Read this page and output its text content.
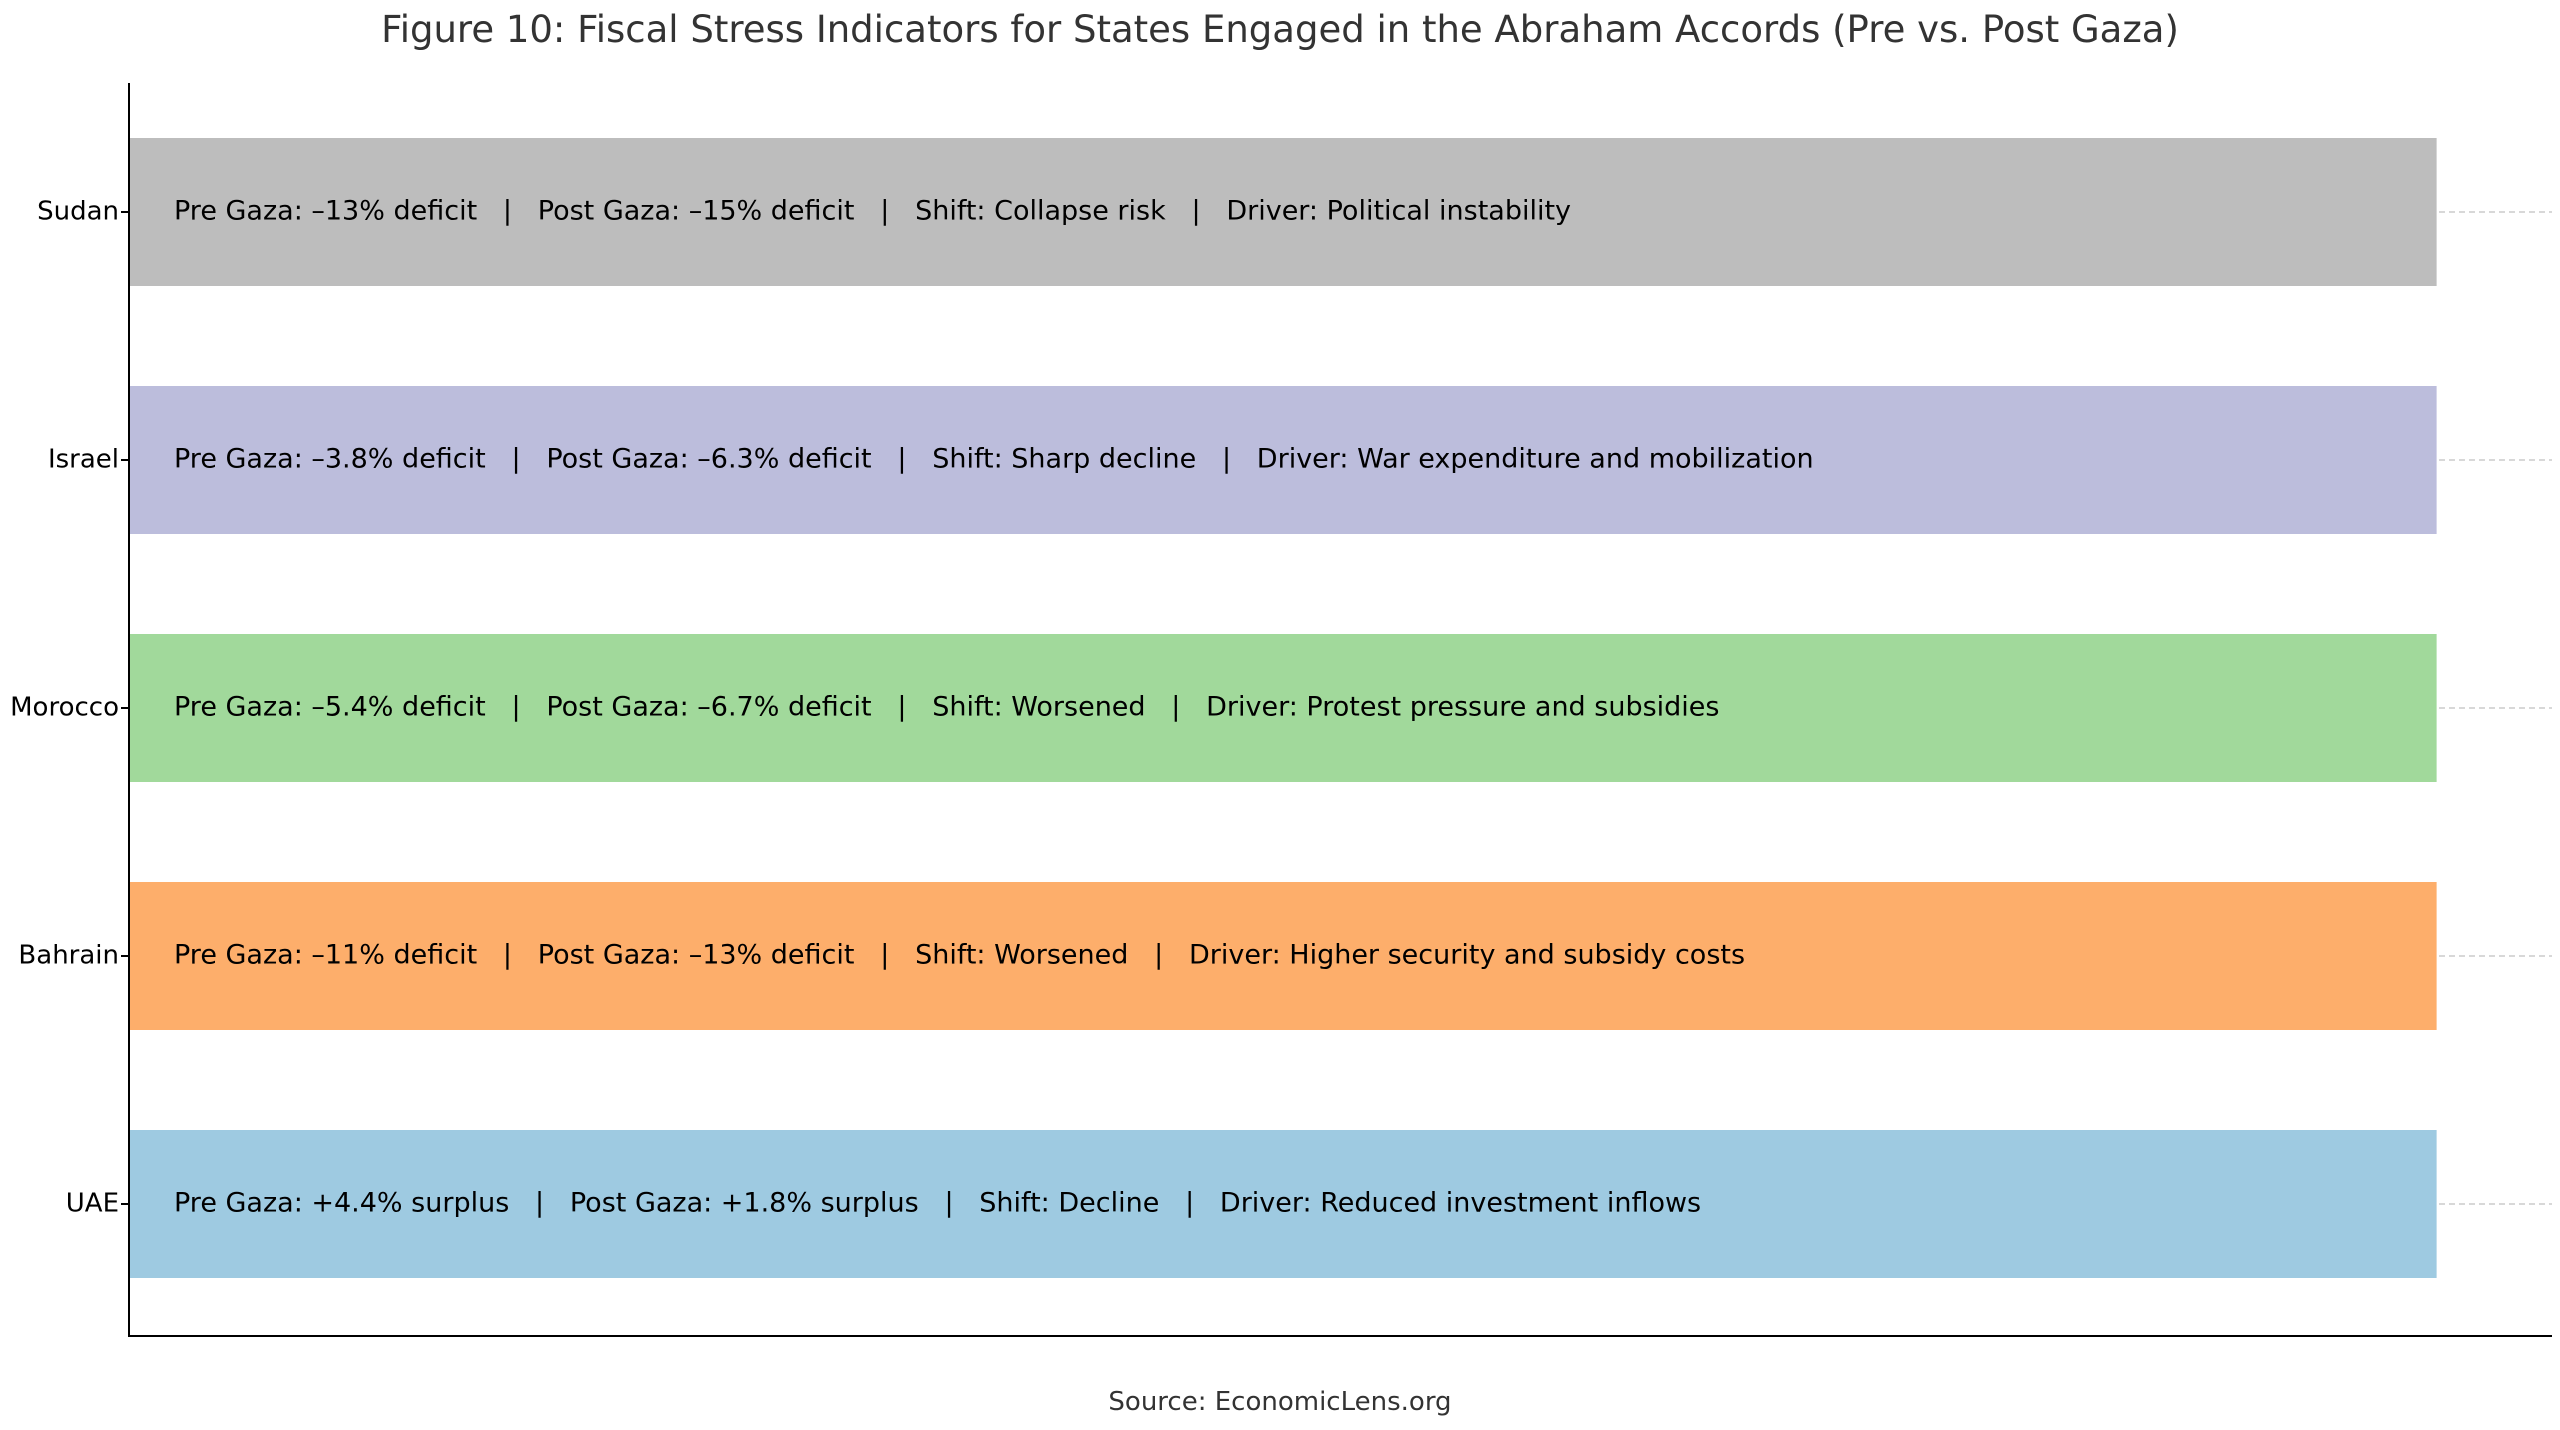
Figure 10: Fiscal Stress Indicators for States Engaged in the Abraham Accords (Pre vs. Post Gaza)
Pre Gaza: +4.4% surplus   |   Post Gaza: +1.8% surplus   |   Shift: Decline   |   Driver: Reduced investment inflows
Pre Gaza: –11% deficit   |   Post Gaza: –13% deficit   |   Shift: Worsened   |   Driver: Higher security and subsidy costs
Pre Gaza: –5.4% deficit   |   Post Gaza: –6.7% deficit   |   Shift: Worsened   |   Driver: Protest pressure and subsidies
Pre Gaza: –3.8% deficit   |   Post Gaza: –6.3% deficit   |   Shift: Sharp decline   |   Driver: War expenditure and mobilization
Pre Gaza: –13% deficit   |   Post Gaza: –15% deficit   |   Shift: Collapse risk   |   Driver: Political instability
UAE
Bahrain
Morocco
Israel
Sudan
Source: EconomicLens.org
